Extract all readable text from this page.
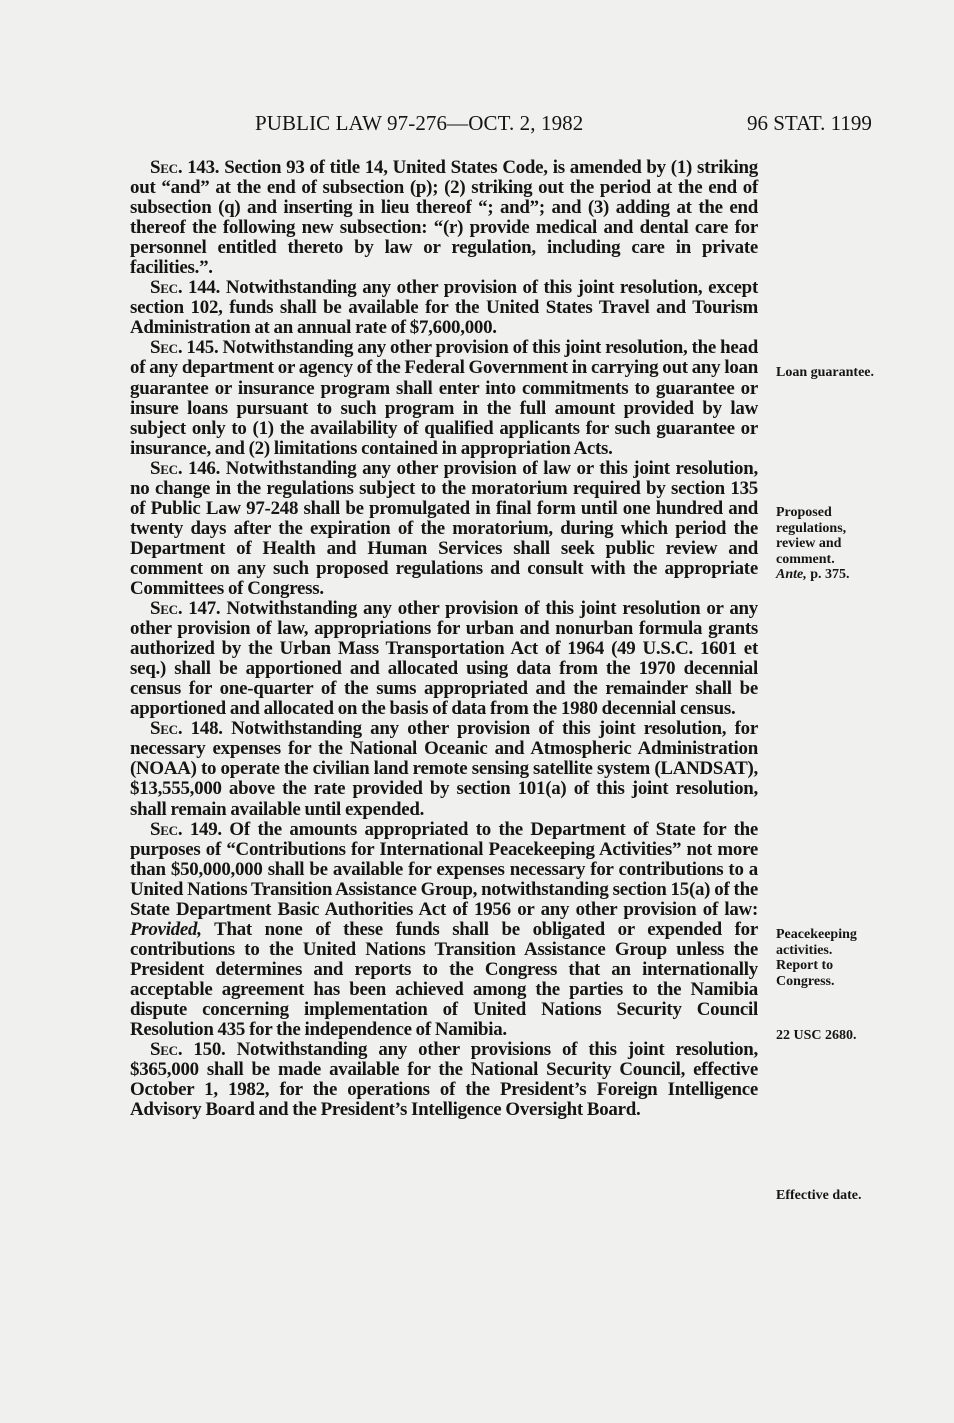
PUBLIC LAW 97-276—OCT. 2, 1982	96 STAT. 1199

Sec. 143. Section 93 of title 14, United States Code, is amended by (1) striking out “and” at the end of subsection (p); (2) striking out the period at the end of subsection (q) and inserting in lieu thereof “; and”; and (3) adding at the end thereof the following new subsection: “(r) provide medical and dental care for personnel entitled thereto by law or regulation, including care in private facilities.”.

Sec. 144. Notwithstanding any other provision of this joint resolution, except section 102, funds shall be available for the United States Travel and Tourism Administration at an annual rate of $7,600,000.

Sec. 145. Notwithstanding any other provision of this joint resolution, the head of any department or agency of the Federal Government in carrying out any loan guarantee or insurance program shall enter into commitments to guarantee or insure loans pursuant to such program in the full amount provided by law subject only to (1) the availability of qualified applicants for such guarantee or insurance, and (2) limitations contained in appropriation Acts.

Sec. 146. Notwithstanding any other provision of law or this joint resolution, no change in the regulations subject to the moratorium required by section 135 of Public Law 97-248 shall be promulgated in final form until one hundred and twenty days after the expiration of the moratorium, during which period the Department of Health and Human Services shall seek public review and comment on any such proposed regulations and consult with the appropriate Committees of Congress.

Sec. 147. Notwithstanding any other provision of this joint resolution or any other provision of law, appropriations for urban and nonurban formula grants authorized by the Urban Mass Transportation Act of 1964 (49 U.S.C. 1601 et seq.) shall be apportioned and allocated using data from the 1970 decennial census for one-quarter of the sums appropriated and the remainder shall be apportioned and allocated on the basis of data from the 1980 decennial census.

Sec. 148. Notwithstanding any other provision of this joint resolution, for necessary expenses for the National Oceanic and Atmospheric Administration (NOAA) to operate the civilian land remote sensing satellite system (LANDSAT), $13,555,000 above the rate provided by section 101(a) of this joint resolution, shall remain available until expended.

Sec. 149. Of the amounts appropriated to the Department of State for the purposes of “Contributions for International Peacekeeping Activities” not more than $50,000,000 shall be available for expenses necessary for contributions to a United Nations Transition Assistance Group, notwithstanding section 15(a) of the State Department Basic Authorities Act of 1956 or any other provision of law: Provided, That none of these funds shall be obligated or expended for contributions to the United Nations Transition Assistance Group unless the President determines and reports to the Congress that an internationally acceptable agreement has been achieved among the parties to the Namibia dispute concerning implementation of United Nations Security Council Resolution 435 for the independence of Namibia.

Sec. 150. Notwithstanding any other provisions of this joint resolution, $365,000 shall be made available for the National Security Council, effective October 1, 1982, for the operations of the President’s Foreign Intelligence Advisory Board and the President’s Intelligence Oversight Board.

Loan guarantee.
Proposed
regulations,
review and
comment.
Ante, p. 375.
Peacekeeping
activities.
Report to
Congress.
22 USC 2680.
Effective date.
